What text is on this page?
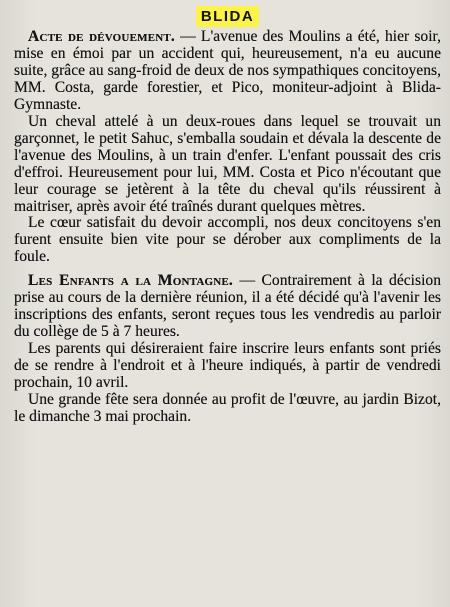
BLIDA

Acte de dévouement. — L'avenue des Moulins a été, hier soir, mise en émoi par un accident qui, heureusement, n'a eu aucune suite, grâce au sang-froid de deux de nos sympathiques concitoyens, MM. Costa, garde forestier, et Pico, moniteur-adjoint à Blida-Gymnaste.

Un cheval attelé à un deux-roues dans lequel se trouvait un garçonnet, le petit Sahuc, s'emballa soudain et dévala la descente de l'avenue des Moulins, à un train d'enfer. L'enfant poussait des cris d'effroi. Heureusement pour lui, MM. Costa et Pico n'écoutant que leur courage se jetèrent à la tête du cheval qu'ils réussirent à maitriser, après avoir été traînés durant quelques mètres.

Le cœur satisfait du devoir accompli, nos deux concitoyens s'en furent ensuite bien vite pour se dérober aux compliments de la foule.

Les Enfants a la Montagne. — Contrairement à la décision prise au cours de la dernière réunion, il a été décidé qu'à l'avenir les inscriptions des enfants, seront reçues tous les vendredis au parloir du collège de 5 à 7 heures.

Les parents qui désireraient faire inscrire leurs enfants sont priés de se rendre à l'endroit et à l'heure indiqués, à partir de vendredi prochain, 10 avril.

Une grande fête sera donnée au profit de l'œuvre, au jardin Bizot, le dimanche 3 mai prochain.
